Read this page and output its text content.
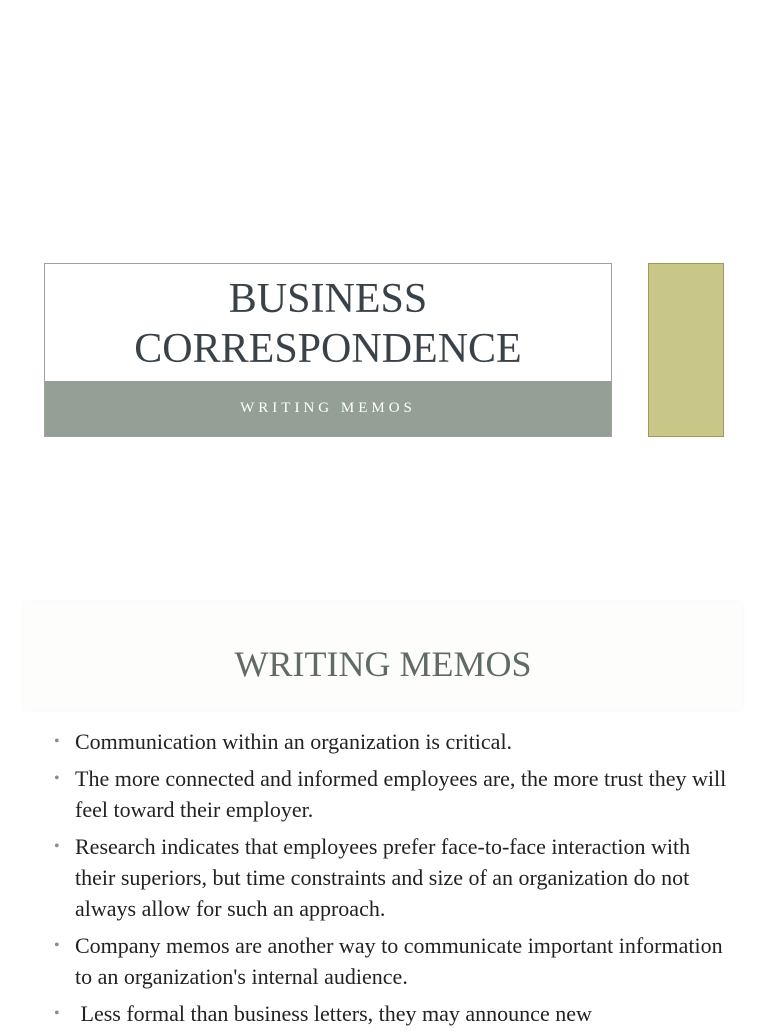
BUSINESS
CORRESPONDENCE
WRITING MEMOS
WRITING MEMOS
• Communication within an organization is critical.
• The more connected and informed employees are, the more trust they will feel toward their employer.
• Research indicates that employees prefer face-to-face interaction with their superiors, but time constraints and size of an organization do not always allow for such an approach.
• Company memos are another way to communicate important information to an organization's internal audience.
• Less formal than business letters, they may announce new
